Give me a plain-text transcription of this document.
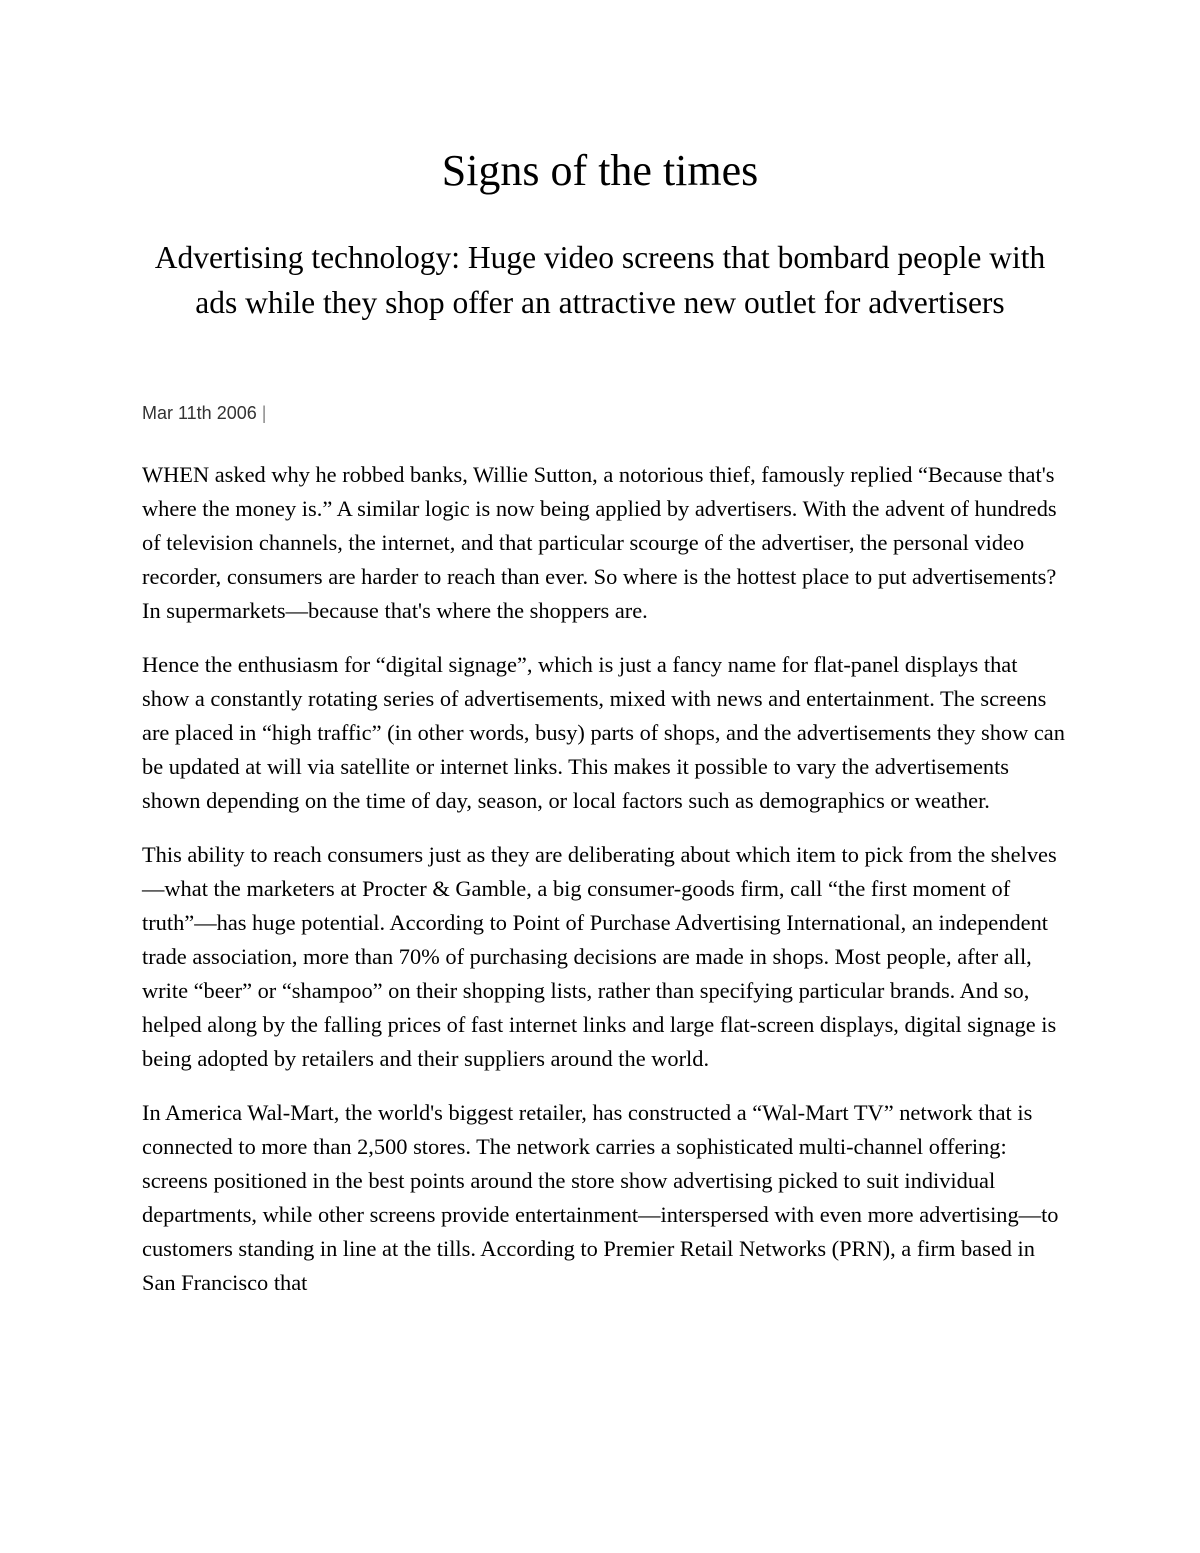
Signs of the times
Advertising technology: Huge video screens that bombard people with ads while they shop offer an attractive new outlet for advertisers
Mar 11th 2006 |

WHEN asked why he robbed banks, Willie Sutton, a notorious thief, famously replied “Because that's where the money is.” A similar logic is now being applied by advertisers. With the advent of hundreds of television channels, the internet, and that particular scourge of the advertiser, the personal video recorder, consumers are harder to reach than ever. So where is the hottest place to put advertisements? In supermarkets—because that's where the shoppers are.

Hence the enthusiasm for “digital signage”, which is just a fancy name for flat-panel displays that show a constantly rotating series of advertisements, mixed with news and entertainment. The screens are placed in “high traffic” (in other words, busy) parts of shops, and the advertisements they show can be updated at will via satellite or internet links. This makes it possible to vary the advertisements shown depending on the time of day, season, or local factors such as demographics or weather.

This ability to reach consumers just as they are deliberating about which item to pick from the shelves—what the marketers at Procter & Gamble, a big consumer-goods firm, call “the first moment of truth”—has huge potential. According to Point of Purchase Advertising International, an independent trade association, more than 70% of purchasing decisions are made in shops. Most people, after all, write “beer” or “shampoo” on their shopping lists, rather than specifying particular brands. And so, helped along by the falling prices of fast internet links and large flat-screen displays, digital signage is being adopted by retailers and their suppliers around the world.

In America Wal-Mart, the world's biggest retailer, has constructed a “Wal-Mart TV” network that is connected to more than 2,500 stores. The network carries a sophisticated multi-channel offering: screens positioned in the best points around the store show advertising picked to suit individual departments, while other screens provide entertainment—interspersed with even more advertising—to customers standing in line at the tills. According to Premier Retail Networks (PRN), a firm based in San Francisco that
